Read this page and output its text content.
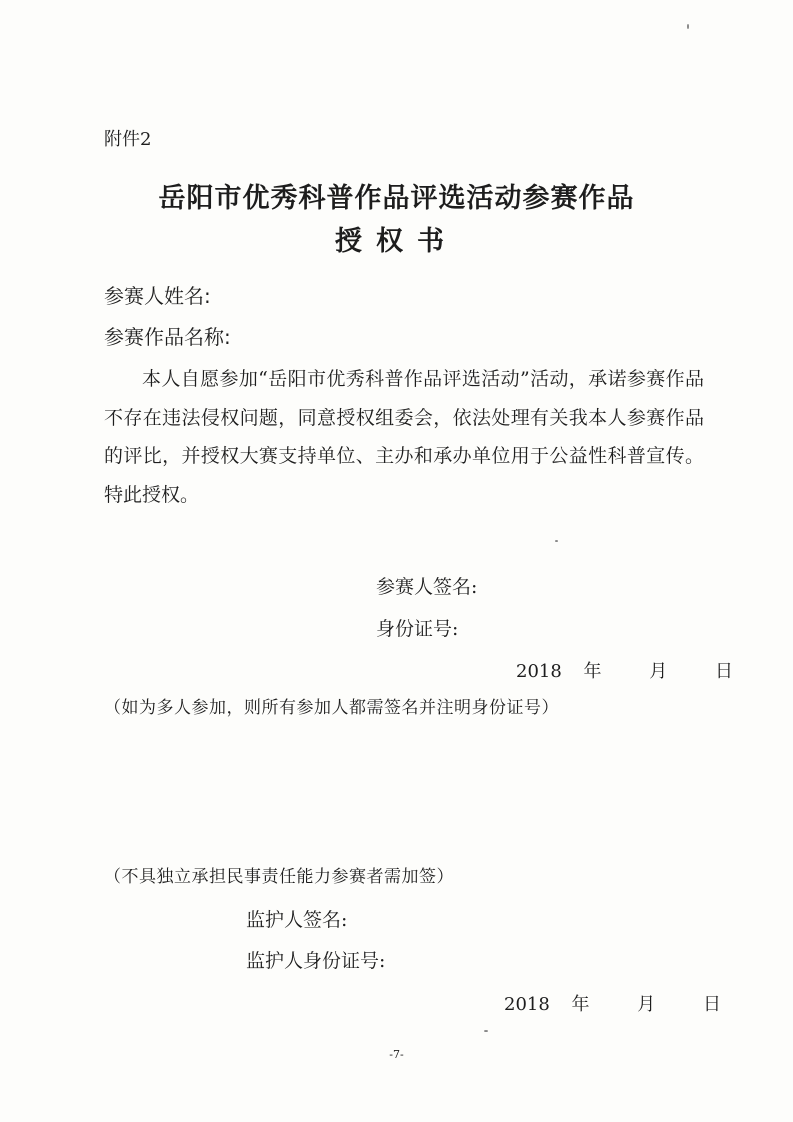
附件2
岳阳市优秀科普作品评选活动参赛作品
授权书
参赛人姓名:
参赛作品名称:
本人自愿参加“岳阳市优秀科普作品评选活动”活动，承诺参赛作品不存在违法侵权问题，同意授权组委会，依法处理有关我本人参赛作品的评比，并授权大赛支持单位、主办和承办单位用于公益性科普宣传。 特此授权。
参赛人签名:
身份证号:
2018 年	月	日
（如为多人参加，则所有参加人都需签名并注明身份证号）
（不具独立承担民事责任能力参赛者需加签）
监护人签名:
监护人身份证号:
2018 年	月	日
-7-
